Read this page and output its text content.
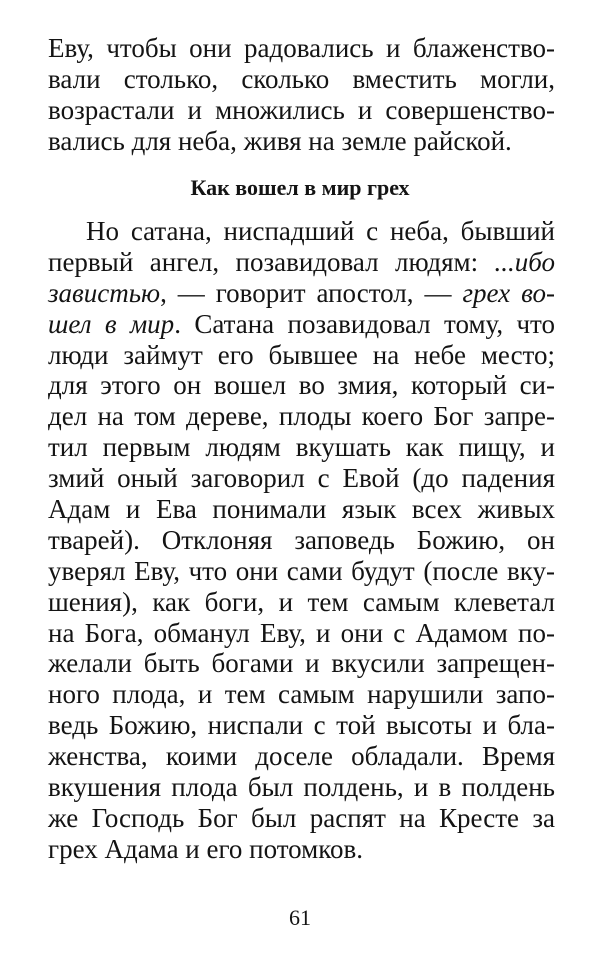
Еву, чтобы они радовались и блаженство-
вали столько, сколько вместить могли,
возрастали и множились и совершенство-
вались для неба, живя на земле райской.
Как вошел в мир грех
Но сатана, ниспадший с неба, бывший
первый ангел, позавидовал людям: ...ибо
завистью, — говорит апостол, — грех во-
шел в мир. Сатана позавидовал тому, что
люди займут его бывшее на небе место;
для этого он вошел во змия, который си-
дел на том дереве, плоды коего Бог запре-
тил первым людям вкушать как пищу, и
змий оный заговорил с Евой (до падения
Адам и Ева понимали язык всех живых
тварей). Отклоняя заповедь Божию, он
уверял Еву, что они сами будут (после вку-
шения), как боги, и тем самым клеветал
на Бога, обманул Еву, и они с Адамом по-
желали быть богами и вкусили запрещен-
ного плода, и тем самым нарушили запо-
ведь Божию, ниспали с той высоты и бла-
женства, коими доселе обладали. Время
вкушения плода был полдень, и в полдень
же Господь Бог был распят на Кресте за
грех Адама и его потомков.
61
